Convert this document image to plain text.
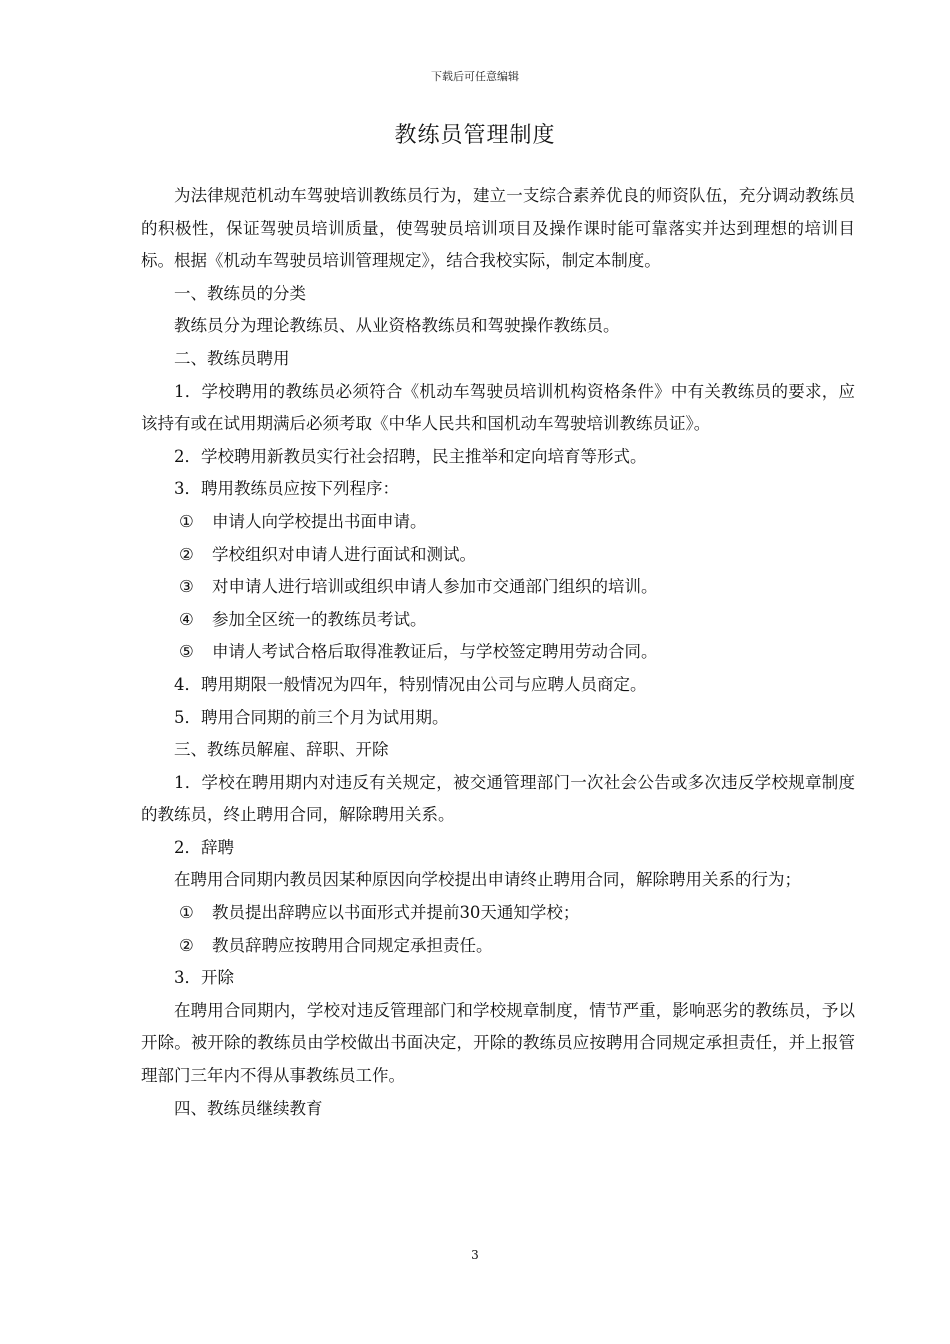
下载后可任意编辑
教练员管理制度

为法律规范机动车驾驶培训教练员行为，建立一支综合素养优良的师资队伍，充分调动教练员的积极性，保证驾驶员培训质量，使驾驶员培训项目及操作课时能可靠落实并达到理想的培训目标。根据《机动车驾驶员培训管理规定》，结合我校实际，制定本制度。

一、教练员的分类

教练员分为理论教练员、从业资格教练员和驾驶操作教练员。

二、教练员聘用

1．学校聘用的教练员必须符合《机动车驾驶员培训机构资格条件》中有关教练员的要求，应该持有或在试用期满后必须考取《中华人民共和国机动车驾驶培训教练员证》。

2．学校聘用新教员实行社会招聘，民主推举和定向培育等形式。

3．聘用教练员应按下列程序：

① 申请人向学校提出书面申请。

② 学校组织对申请人进行面试和测试。

③ 对申请人进行培训或组织申请人参加市交通部门组织的培训。

④ 参加全区统一的教练员考试。

⑤ 申请人考试合格后取得准教证后，与学校签定聘用劳动合同。

4．聘用期限一般情况为四年，特别情况由公司与应聘人员商定。

5．聘用合同期的前三个月为试用期。

三、教练员解雇、辞职、开除

1．学校在聘用期内对违反有关规定，被交通管理部门一次社会公告或多次违反学校规章制度的教练员，终止聘用合同，解除聘用关系。

2．辞聘

在聘用合同期内教员因某种原因向学校提出申请终止聘用合同，解除聘用关系的行为；

① 教员提出辞聘应以书面形式并提前30天通知学校；

② 教员辞聘应按聘用合同规定承担责任。

3．开除

在聘用合同期内，学校对违反管理部门和学校规章制度，情节严重，影响恶劣的教练员，予以开除。被开除的教练员由学校做出书面决定，开除的教练员应按聘用合同规定承担责任，并上报管理部门三年内不得从事教练员工作。

四、教练员继续教育

3
